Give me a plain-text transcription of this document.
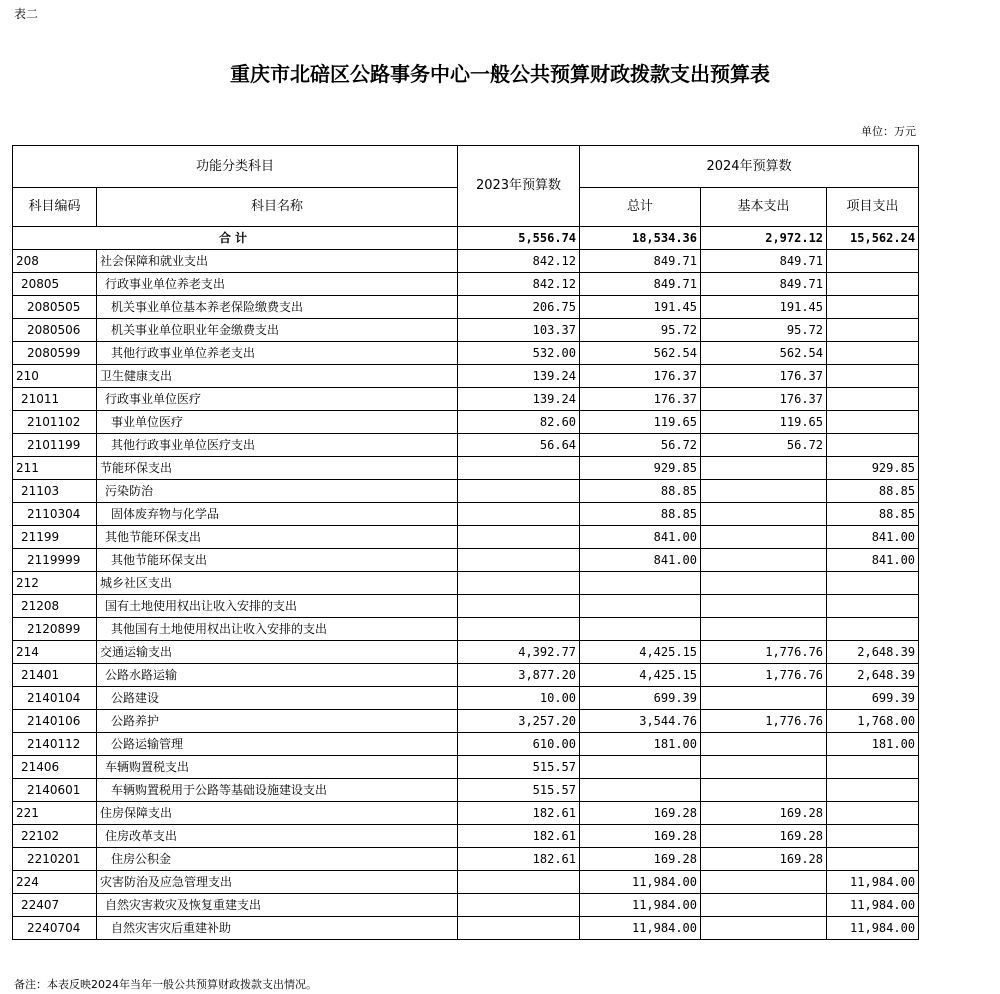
表二
重庆市北碚区公路事务中心一般公共预算财政拨款支出预算表
单位：万元
功能分类科目		2023年预算数	2024年预算数		
科目编码	科目名称		总计	基本支出	项目支出
合计		5,556.74	18,534.36	2,972.12	15,562.24
208	社会保障和就业支出	842.12	849.71	849.71	
20805	行政事业单位养老支出	842.12	849.71	849.71	
2080505	机关事业单位基本养老保险缴费支出	206.75	191.45	191.45	
2080506	机关事业单位职业年金缴费支出	103.37	95.72	95.72	
2080599	其他行政事业单位养老支出	532.00	562.54	562.54	
210	卫生健康支出	139.24	176.37	176.37	
21011	行政事业单位医疗	139.24	176.37	176.37	
2101102	事业单位医疗	82.60	119.65	119.65	
2101199	其他行政事业单位医疗支出	56.64	56.72	56.72	
211	节能环保支出		929.85		929.85
21103	污染防治		88.85		88.85
2110304	固体废弃物与化学品		88.85		88.85
21199	其他节能环保支出		841.00		841.00
2119999	其他节能环保支出		841.00		841.00
212	城乡社区支出				
21208	国有土地使用权出让收入安排的支出				
2120899	其他国有土地使用权出让收入安排的支出				
214	交通运输支出	4,392.77	4,425.15	1,776.76	2,648.39
21401	公路水路运输	3,877.20	4,425.15	1,776.76	2,648.39
2140104	公路建设	10.00	699.39		699.39
2140106	公路养护	3,257.20	3,544.76	1,776.76	1,768.00
2140112	公路运输管理	610.00	181.00		181.00
21406	车辆购置税支出	515.57			
2140601	车辆购置税用于公路等基础设施建设支出	515.57			
221	住房保障支出	182.61	169.28	169.28	
22102	住房改革支出	182.61	169.28	169.28	
2210201	住房公积金	182.61	169.28	169.28	
224	灾害防治及应急管理支出		11,984.00		11,984.00
22407	自然灾害救灾及恢复重建支出		11,984.00		11,984.00
2240704	自然灾害灾后重建补助		11,984.00		11,984.00
备注：本表反映2024年当年一般公共预算财政拨款支出情况。
